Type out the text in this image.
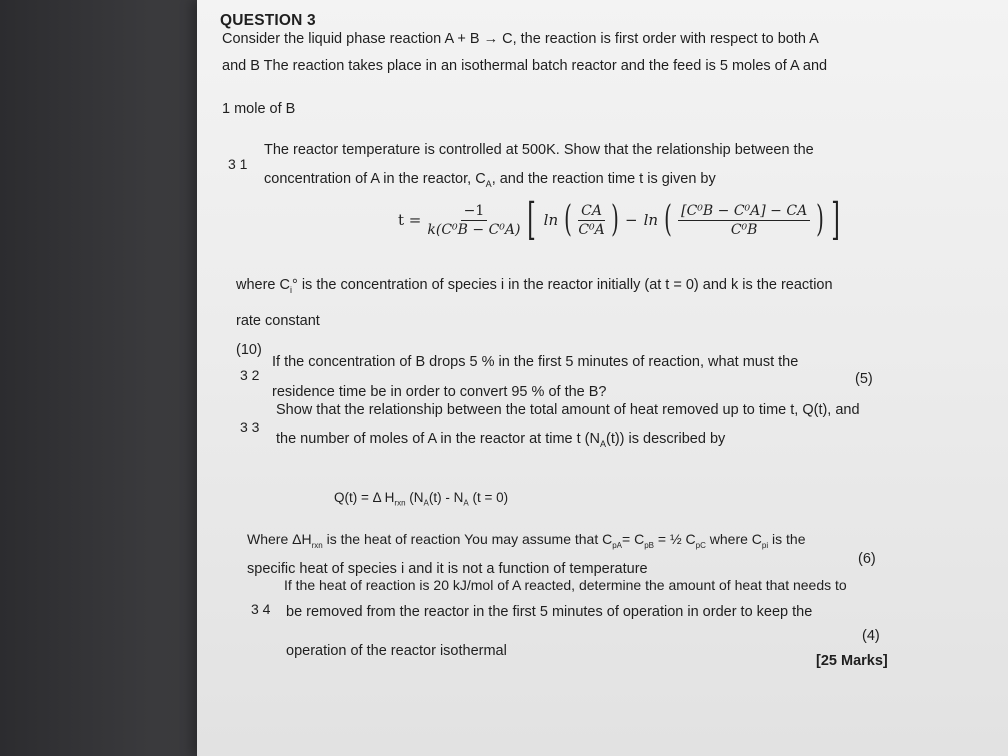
QUESTION 3
Consider the liquid phase reaction A + B → C, the reaction is first order with respect to both A
and B The reaction takes place in an isothermal batch reactor and the feed is 5 moles of A and
1 mole of B
3 1
The reactor temperature is controlled at 500K. Show that the relationship between the
concentration of A in the reactor, $C_A$, and the reaction time t is given by
$t = \frac{-1}{\text{k(C⁰B − C⁰A)}}$ [ ln ( $\frac{CA}{\text{C⁰A}}$ ) − ln ( $\frac{\text{[C⁰B − C⁰A] − CA}}{\text{C⁰B}}$ ) ]
where $C_i^\circ$ is the concentration of species i in the reactor initially (at t = 0) and k is the reaction
rate constant
(10)
3 2
If the concentration of B drops 5 % in the first 5 minutes of reaction, what must the
residence time be in order to convert 95 % of the B?
(5)
3 3
Show that the relationship between the total amount of heat removed up to time t, Q(t), and
the number of moles of A in the reactor at time t $(N_A(t))$ is described by
Q(t) = Δ $H_{rxn}$ ($N_A(t) - N_A$ (t = 0)
Where $\Delta H_{rxn}$ is the heat of reaction You may assume that $C_{pA}= C_{pB}$ = ½ $C_{pC}$ where $C_{pi}$ is the
specific heat of species i and it is not a function of temperature
(6)
3 4
If the heat of reaction is 20 kJ/mol of A reacted, determine the amount of heat that needs to
be removed from the reactor in the first 5 minutes of operation in order to keep the
operation of the reactor isothermal
(4)
[25 Marks]
